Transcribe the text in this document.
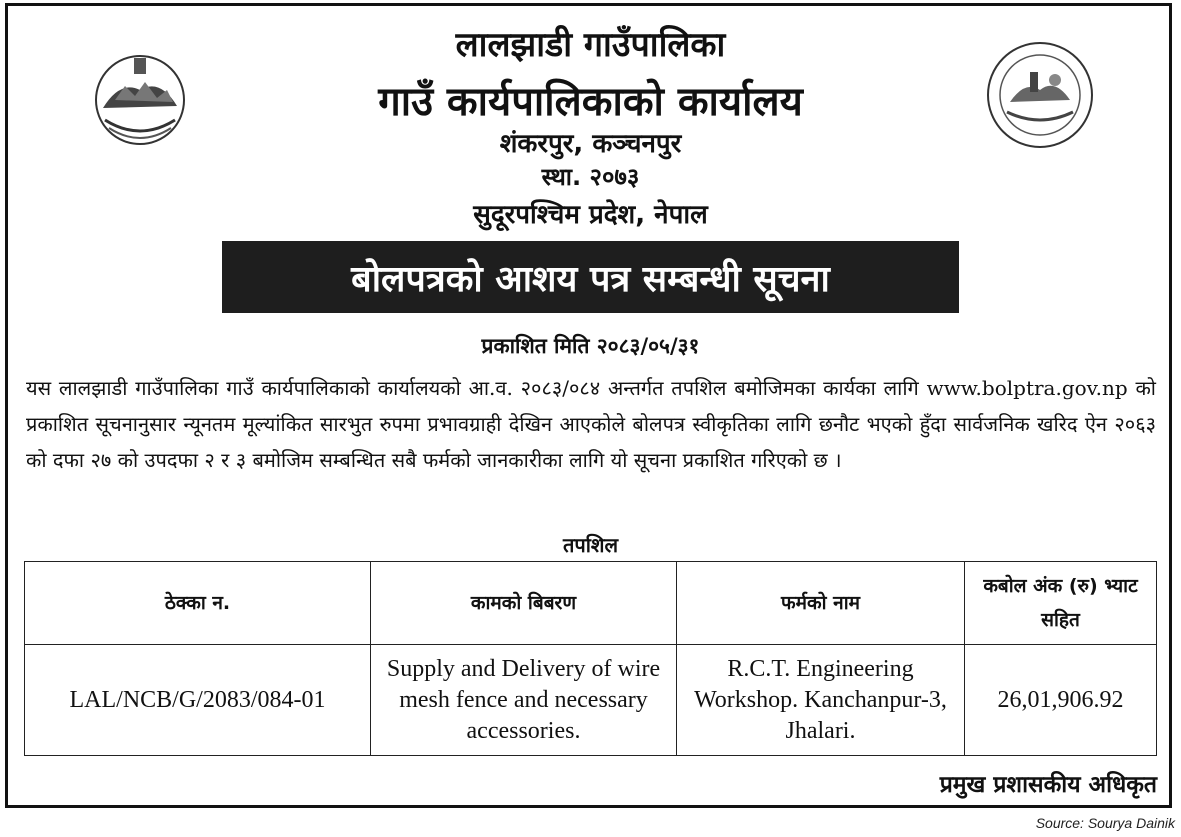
लालझाडी गाउँपालिका
गाउँ कार्यपालिकाको कार्यालय
शंकरपुर, कञ्चनपुर
स्था. २०७३
सुदूरपश्चिम प्रदेश, नेपाल
बोलपत्रको आशय पत्र सम्बन्धी सूचना
प्रकाशित मिति २०८३/०५/३१
यस लालझाडी गाउँपालिका गाउँ कार्यपालिकाको कार्यालयको आ.व. २०८३/०८४ अन्तर्गत तपशिल बमोजिमका कार्यका लागि www.bolptra.gov.np को प्रकाशित सूचनानुसार न्यूनतम मूल्यांकित सारभुत रुपमा प्रभावग्राही देखिन आएकोले बोलपत्र स्वीकृतिका लागि छनौट भएको हुँदा सार्वजनिक खरिद ऐन २०६३ को दफा २७ को उपदफा २ र ३ बमोजिम सम्बन्धित सबै फर्मको जानकारीका लागि यो सूचना प्रकाशित गरिएको छ ।
तपशिल
ठेक्का न.	कामको बिबरण	फर्मको नाम	कबोल अंक (रु) भ्याट सहित
LAL/NCB/G/2083/084-01	Supply and Delivery of wire mesh fence and necessary accessories.	R.C.T. Engineering Workshop. Kanchanpur-3, Jhalari.	26,01,906.92
प्रमुख प्रशासकीय अधिकृत
Source: Sourya Dainik
